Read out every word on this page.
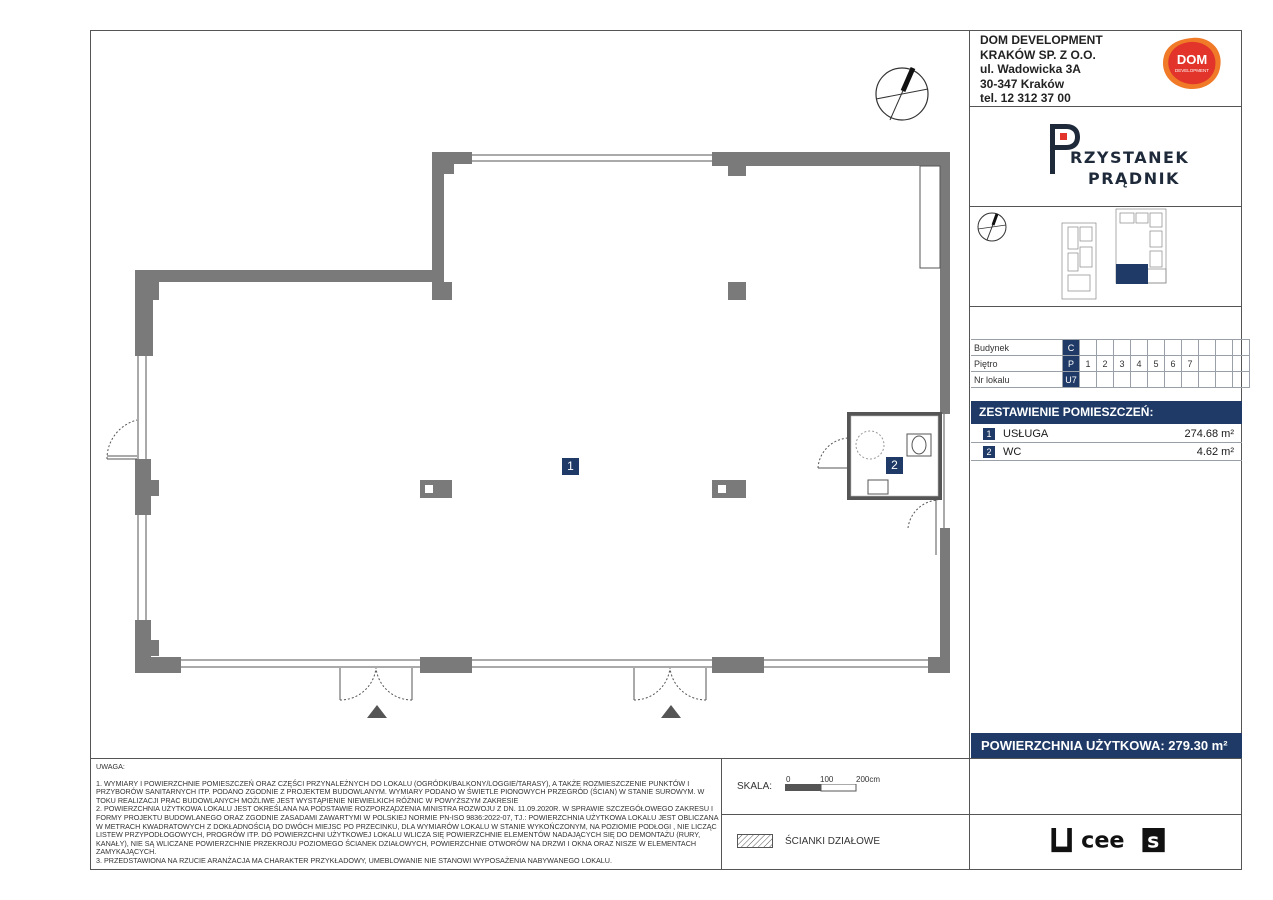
DOM DEVELOPMENT
KRAKÓW SP. Z O.O.
ul. Wadowicka 3A
30-347 Kraków
tel. 12 312 37 00
DOM
DEVELOPMENT
RZYSTANEK
PRĄDNIK
Budynek	C										
Piętro	P	1	2	3	4	5	6	7			
Nr lokalu	U7										
ZESTAWIENIE POMIESZCZEŃ:
1	USŁUGA	274.68 m²
2	WC	4.62 m²
POWIERZCHNIA UŻYTKOWA: 279.30 m²
1	2

UWAGA:

1. WYMIARY I POWIERZCHNIE POMIESZCZEŃ ORAZ CZĘŚCI PRZYNALEŻNYCH DO LOKALU (OGRÓDKI/BALKONY/LOGGIE/TARASY), A TAKŻE ROZMIESZCZENIE PUNKTÓW I PRZYBORÓW SANITARNYCH ITP. PODANO ZGODNIE Z PROJEKTEM BUDOWLANYM. WYMIARY PODANO W ŚWIETLE PIONOWYCH PRZEGRÓD (ŚCIAN) W STANIE SUROWYM. W TOKU REALIZACJI PRAC BUDOWLANYCH MOŻLIWE JEST WYSTĄPIENIE NIEWIELKICH RÓŻNIC W POWYŻSZYM ZAKRESIE

2. POWIERZCHNIA UŻYTKOWA LOKALU JEST OKREŚLANA NA PODSTAWIE ROZPORZĄDZENIA MINISTRA ROZWOJU Z DN. 11.09.2020R. W SPRAWIE SZCZEGÓŁOWEGO ZAKRESU I FORMY PROJEKTU BUDOWLANEGO ORAZ ZGODNIE ZASADAMI ZAWARTYMI W POLSKIEJ NORMIE PN-ISO 9836:2022-07, TJ.: POWIERZCHNIA UŻYTKOWA LOKALU JEST OBLICZANA W METRACH KWADRATOWYCH Z DOKŁADNOŚCIĄ DO DWÓCH MIEJSC PO PRZECINKU, DLA WYMIARÓW LOKALU W STANIE WYKOŃCZONYM, NA POZIOMIE PODŁOGI , NIE LICZĄC LISTEW PRZYPODŁOGOWYCH, PROGRÓW ITP. DO POWIERZCHNI UŻYTKOWEJ LOKALU WLICZA SIĘ POWIERZCHNIE ELEMENTÓW NADAJĄCYCH SIĘ DO DEMONTAŻU (RURY, KANAŁY), NIE SĄ WLICZANE POWIERZCHNIE PRZEKROJU POZIOMEGO ŚCIANEK DZIAŁOWYCH, POWIERZCHNIE OTWORÓW NA DRZWI I OKNA ORAZ NISZE W ELEMENTACH ZAMYKAJĄCYCH.

3. PRZEDSTAWIONA NA RZUCIE ARANŻACJA MA CHARAKTER PRZYKŁADOWY, UMEBLOWANIE NIE STANOWI WYPOSAŻENIA NABYWANEGO LOKALU.

SKALA:
0	100	200cm
ŚCIANKI DZIAŁOWE	cee s
